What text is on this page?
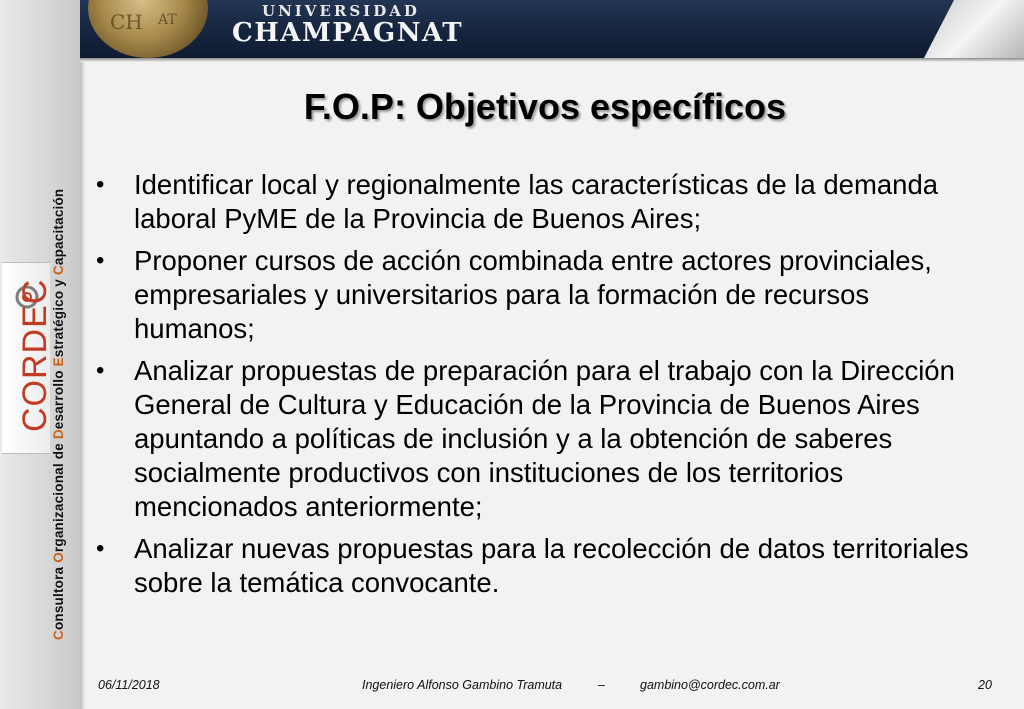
CORDEC
Consultora Organizacional de Desarrollo Estratégico y Capacitación
CH AT	UNIVERSIDAD
CHAMPAGNAT
F.O.P: Objetivos específicos
• Identificar local y regionalmente las características de la demanda laboral PyME de la Provincia de Buenos Aires;
• Proponer cursos de acción combinada entre actores provinciales, empresariales y universitarios para la formación de recursos humanos;
• Analizar propuestas de preparación para el trabajo con la Dirección General de Cultura y Educación de la Provincia de Buenos Aires apuntando a políticas de inclusión y a la obtención de saberes socialmente productivos con instituciones de los territorios mencionados anteriormente;
• Analizar nuevas propuestas para la recolección de datos territoriales sobre la temática convocante.
06/11/2018	Ingeniero Alfonso Gambino Tramuta	–	gambino@cordec.com.ar	20
